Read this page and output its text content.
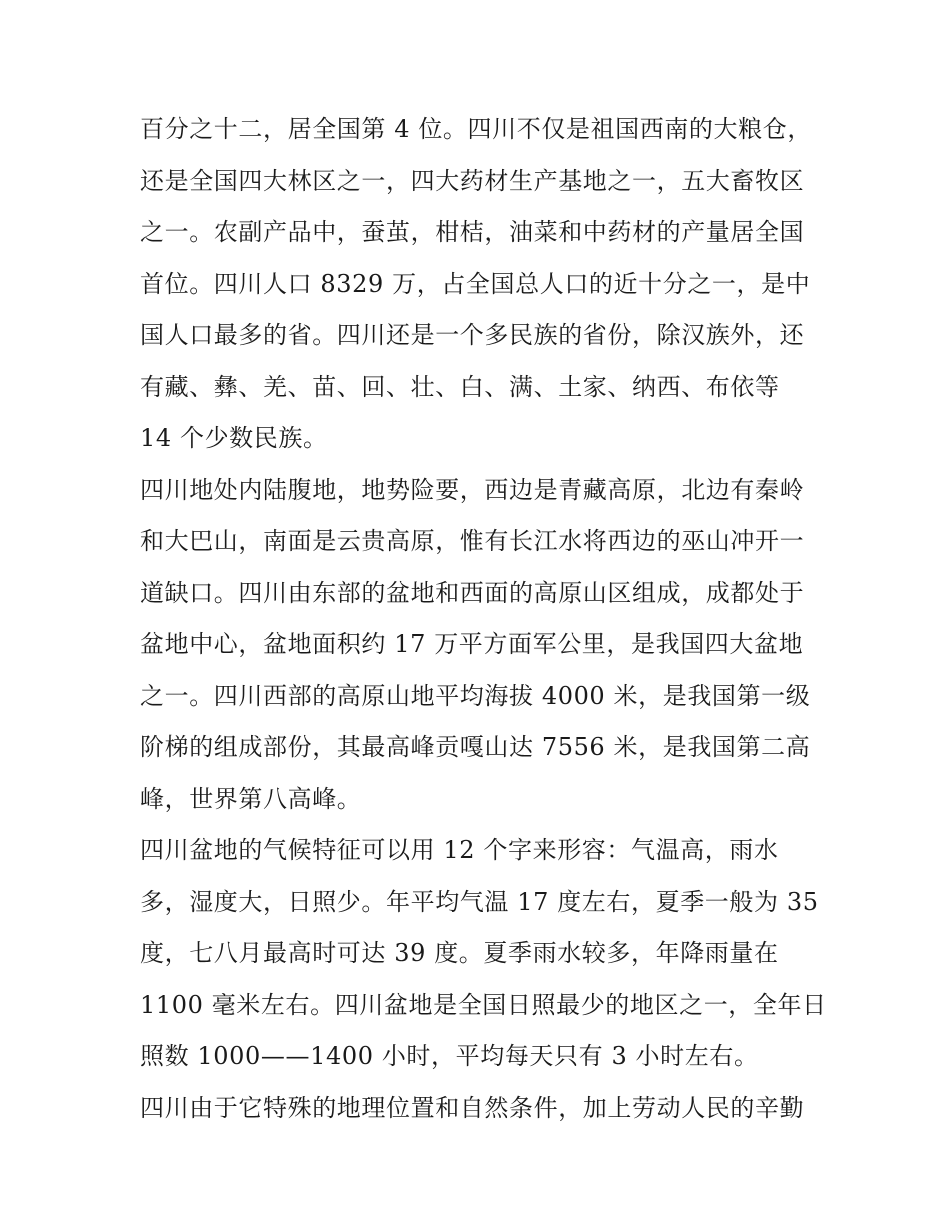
百分之十二，居全国第 4 位。四川不仅是祖国西南的大粮仓，
还是全国四大林区之一，四大药材生产基地之一，五大畜牧区
之一。农副产品中，蚕茧，柑桔，油菜和中药材的产量居全国
首位。四川人口 8329 万，占全国总人口的近十分之一，是中
国人口最多的省。四川还是一个多民族的省份，除汉族外，还
有藏、彝、羌、苗、回、壮、白、满、土家、纳西、布依等
14 个少数民族。
四川地处内陆腹地，地势险要，西边是青藏高原，北边有秦岭
和大巴山，南面是云贵高原，惟有长江水将西边的巫山冲开一
道缺口。四川由东部的盆地和西面的高原山区组成，成都处于
盆地中心，盆地面积约 17 万平方面军公里，是我国四大盆地
之一。四川西部的高原山地平均海拔 4000 米，是我国第一级
阶梯的组成部份，其最高峰贡嘎山达 7556 米，是我国第二高
峰，世界第八高峰。
四川盆地的气候特征可以用 12 个字来形容：气温高，雨水
多，湿度大，日照少。年平均气温 17 度左右，夏季一般为 35
度，七八月最高时可达 39 度。夏季雨水较多，年降雨量在
1100 毫米左右。四川盆地是全国日照最少的地区之一，全年日
照数 1000——1400 小时，平均每天只有 3 小时左右。
四川由于它特殊的地理位置和自然条件，加上劳动人民的辛勤
